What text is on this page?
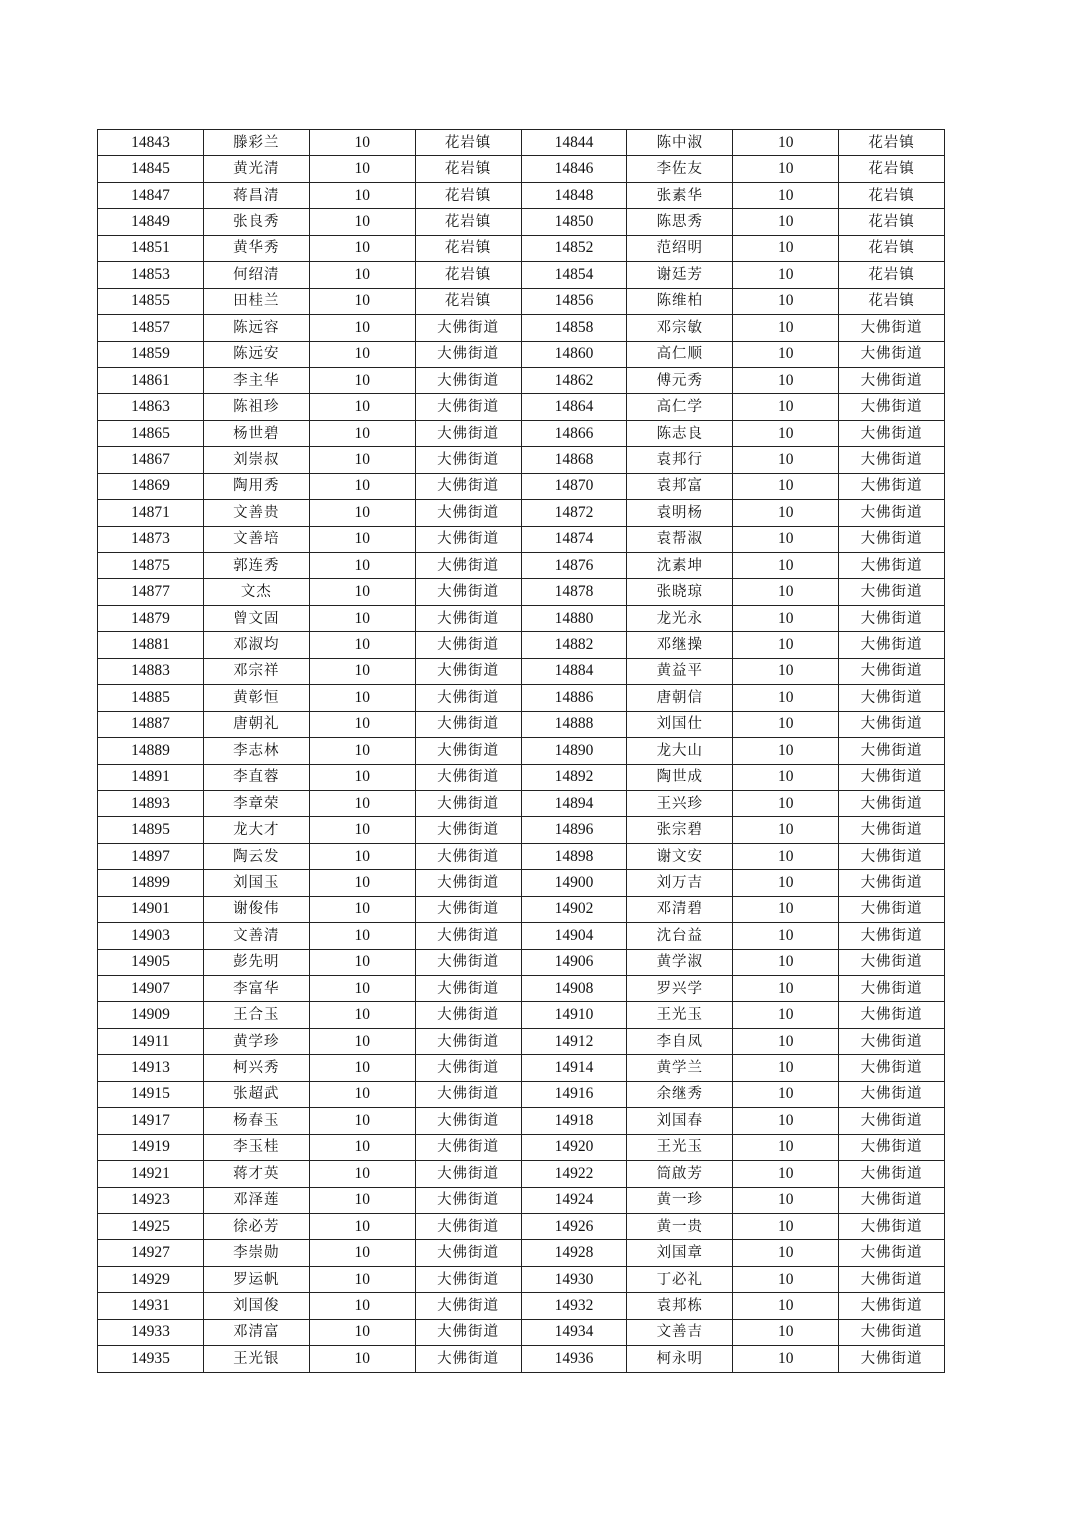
14843	滕彩兰	10	花岩镇	14844	陈中淑	10	花岩镇
14845	黄光清	10	花岩镇	14846	李佐友	10	花岩镇
14847	蒋昌清	10	花岩镇	14848	张素华	10	花岩镇
14849	张良秀	10	花岩镇	14850	陈思秀	10	花岩镇
14851	黄华秀	10	花岩镇	14852	范绍明	10	花岩镇
14853	何绍清	10	花岩镇	14854	谢廷芳	10	花岩镇
14855	田桂兰	10	花岩镇	14856	陈维柏	10	花岩镇
14857	陈远容	10	大佛街道	14858	邓宗敏	10	大佛街道
14859	陈远安	10	大佛街道	14860	高仁顺	10	大佛街道
14861	李主华	10	大佛街道	14862	傅元秀	10	大佛街道
14863	陈祖珍	10	大佛街道	14864	高仁学	10	大佛街道
14865	杨世碧	10	大佛街道	14866	陈志良	10	大佛街道
14867	刘崇叔	10	大佛街道	14868	袁邦行	10	大佛街道
14869	陶用秀	10	大佛街道	14870	袁邦富	10	大佛街道
14871	文善贵	10	大佛街道	14872	袁明杨	10	大佛街道
14873	文善培	10	大佛街道	14874	袁帮淑	10	大佛街道
14875	郭连秀	10	大佛街道	14876	沈素坤	10	大佛街道
14877	文杰	10	大佛街道	14878	张晓琼	10	大佛街道
14879	曾文固	10	大佛街道	14880	龙光永	10	大佛街道
14881	邓淑均	10	大佛街道	14882	邓继操	10	大佛街道
14883	邓宗祥	10	大佛街道	14884	黄益平	10	大佛街道
14885	黄彰恒	10	大佛街道	14886	唐朝信	10	大佛街道
14887	唐朝礼	10	大佛街道	14888	刘国仕	10	大佛街道
14889	李志林	10	大佛街道	14890	龙大山	10	大佛街道
14891	李直蓉	10	大佛街道	14892	陶世成	10	大佛街道
14893	李章荣	10	大佛街道	14894	王兴珍	10	大佛街道
14895	龙大才	10	大佛街道	14896	张宗碧	10	大佛街道
14897	陶云发	10	大佛街道	14898	谢文安	10	大佛街道
14899	刘国玉	10	大佛街道	14900	刘万吉	10	大佛街道
14901	谢俊伟	10	大佛街道	14902	邓清碧	10	大佛街道
14903	文善清	10	大佛街道	14904	沈台益	10	大佛街道
14905	彭先明	10	大佛街道	14906	黄学淑	10	大佛街道
14907	李富华	10	大佛街道	14908	罗兴学	10	大佛街道
14909	王合玉	10	大佛街道	14910	王光玉	10	大佛街道
14911	黄学珍	10	大佛街道	14912	李自凤	10	大佛街道
14913	柯兴秀	10	大佛街道	14914	黄学兰	10	大佛街道
14915	张超武	10	大佛街道	14916	余继秀	10	大佛街道
14917	杨春玉	10	大佛街道	14918	刘国春	10	大佛街道
14919	李玉桂	10	大佛街道	14920	王光玉	10	大佛街道
14921	蒋才英	10	大佛街道	14922	筒啟芳	10	大佛街道
14923	邓泽莲	10	大佛街道	14924	黄一珍	10	大佛街道
14925	徐必芳	10	大佛街道	14926	黄一贵	10	大佛街道
14927	李崇勋	10	大佛街道	14928	刘国章	10	大佛街道
14929	罗运帆	10	大佛街道	14930	丁必礼	10	大佛街道
14931	刘国俊	10	大佛街道	14932	袁邦栋	10	大佛街道
14933	邓清富	10	大佛街道	14934	文善吉	10	大佛街道
14935	王光银	10	大佛街道	14936	柯永明	10	大佛街道
